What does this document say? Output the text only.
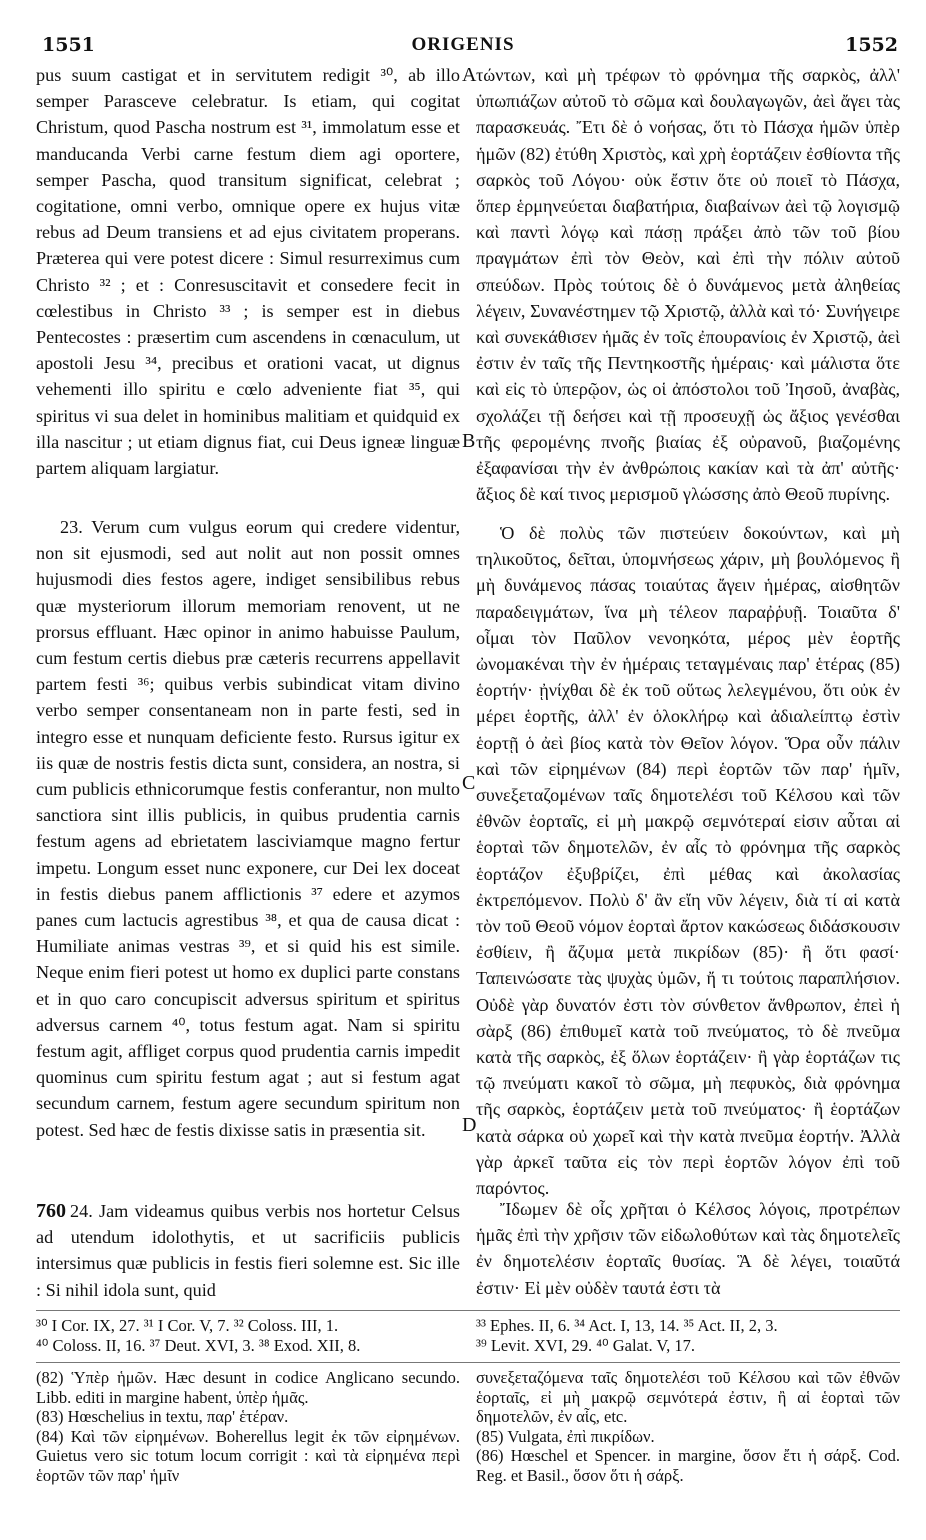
1551	ORIGENIS	1552

pus suum castigat et in servitutem redigit ³⁰, ab illo semper Parasceve celebratur. Is etiam, qui cogitat Christum, quod Pascha nostrum est ³¹, immolatum esse et manducanda Verbi carne festum diem agi oportere, semper Pascha, quod transitum significat, celebrat ; cogitatione, omni verbo, omnique opere ex hujus vitæ rebus ad Deum transiens et ad ejus civitatem properans. Præterea qui vere potest dicere : Simul resurreximus cum Christo ³² ; et : Conresuscitavit et consedere fecit in cœlestibus in Christo ³³ ; is semper est in diebus Pentecostes : præsertim cum ascendens in cœnaculum, ut apostoli Jesu ³⁴, precibus et orationi vacat, ut dignus vehementi illo spiritu e cœlo adveniente fiat ³⁵, qui spiritus vi sua delet in hominibus malitiam et quidquid ex illa nascitur ; ut etiam dignus fiat, cui Deus igneæ linguæ partem aliquam largiatur.

23. Verum cum vulgus eorum qui credere videntur, non sit ejusmodi, sed aut nolit aut non possit omnes hujusmodi dies festos agere, indiget sensibilibus rebus quæ mysteriorum illorum memoriam renovent, ut ne prorsus effluant. Hæc opinor in animo habuisse Paulum, cum festum certis diebus præ cæteris recurrens appellavit partem festi ³⁶; quibus verbis subindicat vitam divino verbo semper consentaneam non in parte festi, sed in integro esse et nunquam deficiente festo. Rursus igitur ex iis quæ de nostris festis dicta sunt, considera, an nostra, si cum publicis ethnicorumque festis conferantur, non multo sanctiora sint illis publicis, in quibus prudentia carnis festum agens ad ebrietatem lasciviamque magno fertur impetu. Longum esset nunc exponere, cur Dei lex doceat in festis diebus panem afflictionis ³⁷ edere et azymos panes cum lactucis agrestibus ³⁸, et qua de causa dicat : Humiliate animas vestras ³⁹, et si quid his est simile. Neque enim fieri potest ut homo ex duplici parte constans et in quo caro concupiscit adversus spiritum et spiritus adversus carnem ⁴⁰, totus festum agat. Nam si spiritu festum agit, affliget corpus quod prudentia carnis impedit quominus cum spiritu festum agat ; aut si festum agat secundum carnem, festum agere secundum spiritum non potest. Sed hæc de festis dixisse satis in præsentia sit.

760 24. Jam videamus quibus verbis nos hortetur Celsus ad utendum idolothytis, et ut sacrificiis publicis intersimus quæ publicis in festis fieri solemne est. Sic ille : Si nihil idola sunt, quid

τώντων, καὶ μὴ τρέφων τὸ φρόνημα τῆς σαρκὸς, ἀλλ' ὑπωπιάζων αὐτοῦ τὸ σῶμα καὶ δουλαγωγῶν, ἀεὶ ἄγει τὰς παρασκευάς. Ἔτι δὲ ὁ νοήσας, ὅτι τὸ Πάσχα ἡμῶν ὑπὲρ ἡμῶν (82) ἐτύθη Χριστὸς, καὶ χρὴ ἑορτάζειν ἐσθίοντα τῆς σαρκὸς τοῦ Λόγου· οὐκ ἔστιν ὅτε οὐ ποιεῖ τὸ Πάσχα, ὅπερ ἑρμηνεύεται διαβατήρια, διαβαίνων ἀεὶ τῷ λογισμῷ καὶ παντὶ λόγῳ καὶ πάσῃ πράξει ἀπὸ τῶν τοῦ βίου πραγμάτων ἐπὶ τὸν Θεὸν, καὶ ἐπὶ τὴν πόλιν αὐτοῦ σπεύδων. Πρὸς τούτοις δὲ ὁ δυνάμενος μετὰ ἀληθείας λέγειν, Συνανέστημεν τῷ Χριστῷ, ἀλλὰ καὶ τό· Συνήγειρε καὶ συνεκάθισεν ἡμᾶς ἐν τοῖς ἐπουρανίοις ἐν Χριστῷ, ἀεὶ ἐστιν ἐν ταῖς τῆς Πεντηκοστῆς ἡμέραις· καὶ μάλιστα ὅτε καὶ εἰς τὸ ὑπερῷον, ὡς οἱ ἀπόστολοι τοῦ Ἰησοῦ, ἀναβὰς, σχολάζει τῇ δεήσει καὶ τῇ προσευχῇ ὡς ἄξιος γενέσθαι τῆς φερομένης πνοῆς βιαίας ἐξ οὐρανοῦ, βιαζομένης ἐξαφανίσαι τὴν ἐν ἀνθρώποις κακίαν καὶ τὰ ἀπ' αὐτῆς· ἄξιος δὲ καί τινος μερισμοῦ γλώσσης ἀπὸ Θεοῦ πυρίνης.

Ὁ δὲ πολὺς τῶν πιστεύειν δοκούντων, καὶ μὴ τηλικοῦτος, δεῖται, ὑπομνήσεως χάριν, μὴ βουλόμενος ἢ μὴ δυνάμενος πάσας τοιαύτας ἄγειν ἡμέρας, αἰσθητῶν παραδειγμάτων, ἵνα μὴ τέλεον παραῤῥυῇ. Τοιαῦτα δ' οἶμαι τὸν Παῦλον νενοηκότα, μέρος μὲν ἑορτῆς ὠνομακέναι τὴν ἐν ἡμέραις τεταγμέναις παρ' ἑτέρας (85) ἑορτήν· ᾐνίχθαι δὲ ἐκ τοῦ οὕτως λελεγμένου, ὅτι οὐκ ἐν μέρει ἑορτῆς, ἀλλ' ἐν ὁλοκλήρῳ καὶ ἀδιαλείπτῳ ἐστὶν ἑορτῇ ὁ ἀεὶ βίος κατὰ τὸν Θεῖον λόγον. Ὅρα οὖν πάλιν καὶ τῶν εἰρημένων (84) περὶ ἑορτῶν τῶν παρ' ἡμῖν, συνεξεταζομένων ταῖς δημοτελέσι τοῦ Κέλσου καὶ τῶν ἐθνῶν ἑορταῖς, εἰ μὴ μακρῷ σεμνότεραί εἰσιν αὗται αἱ ἑορταὶ τῶν δημοτελῶν, ἐν αἷς τὸ φρόνημα τῆς σαρκὸς ἑορτάζον ἐξυβρίζει, ἐπὶ μέθας καὶ ἀκολασίας ἐκτρεπόμενον. Πολὺ δ' ἂν εἴη νῦν λέγειν, διὰ τί αἱ κατὰ τὸν τοῦ Θεοῦ νόμον ἑορταὶ ἄρτον κακώσεως διδάσκουσιν ἐσθίειν, ἢ ἄζυμα μετὰ πικρίδων (85)· ἢ ὅτι φασί· Ταπεινώσατε τὰς ψυχὰς ὑμῶν, ἤ τι τούτοις παραπλήσιον. Οὐδὲ γὰρ δυνατόν ἐστι τὸν σύνθετον ἄνθρωπον, ἐπεὶ ἡ σὰρξ (86) ἐπιθυμεῖ κατὰ τοῦ πνεύματος, τὸ δὲ πνεῦμα κατὰ τῆς σαρκὸς, ἐξ ὅλων ἑορτάζειν· ἢ γὰρ ἑορτάζων τις τῷ πνεύματι κακοῖ τὸ σῶμα, μὴ πεφυκὸς, διὰ φρόνημα τῆς σαρκὸς, ἑορτάζειν μετὰ τοῦ πνεύματος· ἢ ἑορτάζων κατὰ σάρκα οὐ χωρεῖ καὶ τὴν κατὰ πνεῦμα ἑορτήν. Ἀλλὰ γὰρ ἀρκεῖ ταῦτα εἰς τὸν περὶ ἑορτῶν λόγον ἐπὶ τοῦ παρόντος.

Ἴδωμεν δὲ οἷς χρῆται ὁ Κέλσος λόγοις, προτρέπων ἡμᾶς ἐπὶ τὴν χρῆσιν τῶν εἰδωλοθύτων καὶ τὰς δημοτελεῖς ἐν δημοτελέσιν ἑορταῖς θυσίας. Ἃ δὲ λέγει, τοιαῦτά ἐστιν· Εἰ μὲν οὐδὲν ταυτά ἐστι τὰ

A
B
C
D
³⁰ I Cor. IX, 27. ³¹ I Cor. V, 7. ³² Coloss. III, 1.
⁴⁰ Coloss. II, 16. ³⁷ Deut. XVI, 3. ³⁸ Exod. XII, 8.
³³ Ephes. II, 6. ³⁴ Act. I, 13, 14. ³⁵ Act. II, 2, 3.
³⁹ Levit. XVI, 29. ⁴⁰ Galat. V, 17.

(82) Ὑπὲρ ἡμῶν. Hæc desunt in codice Anglicano secundo. Libb. editi in margine habent, ὑπὲρ ἡμᾶς.

(83) Hœschelius in textu, παρ' ἑτέραν.

(84) Καὶ τῶν εἰρημένων. Boherellus legit ἐκ τῶν εἰρημένων. Guietus vero sic totum locum corrigit : καὶ τὰ εἰρημένα περὶ ἑορτῶν τῶν παρ' ἡμῖν

συνεξεταζόμενα ταῖς δημοτελέσι τοῦ Κέλσου καὶ τῶν ἐθνῶν ἑορταῖς, εἰ μὴ μακρῷ σεμνότερά ἐστιν, ἢ αἱ ἑορταὶ τῶν δημοτελῶν, ἐν αἷς, etc.

(85) Vulgata, ἐπὶ πικρίδων.

(86) Hœschel et Spencer. in margine, ὅσον ἔτι ἡ σάρξ. Cod. Reg. et Basil., ὅσον ὅτι ἡ σάρξ.
